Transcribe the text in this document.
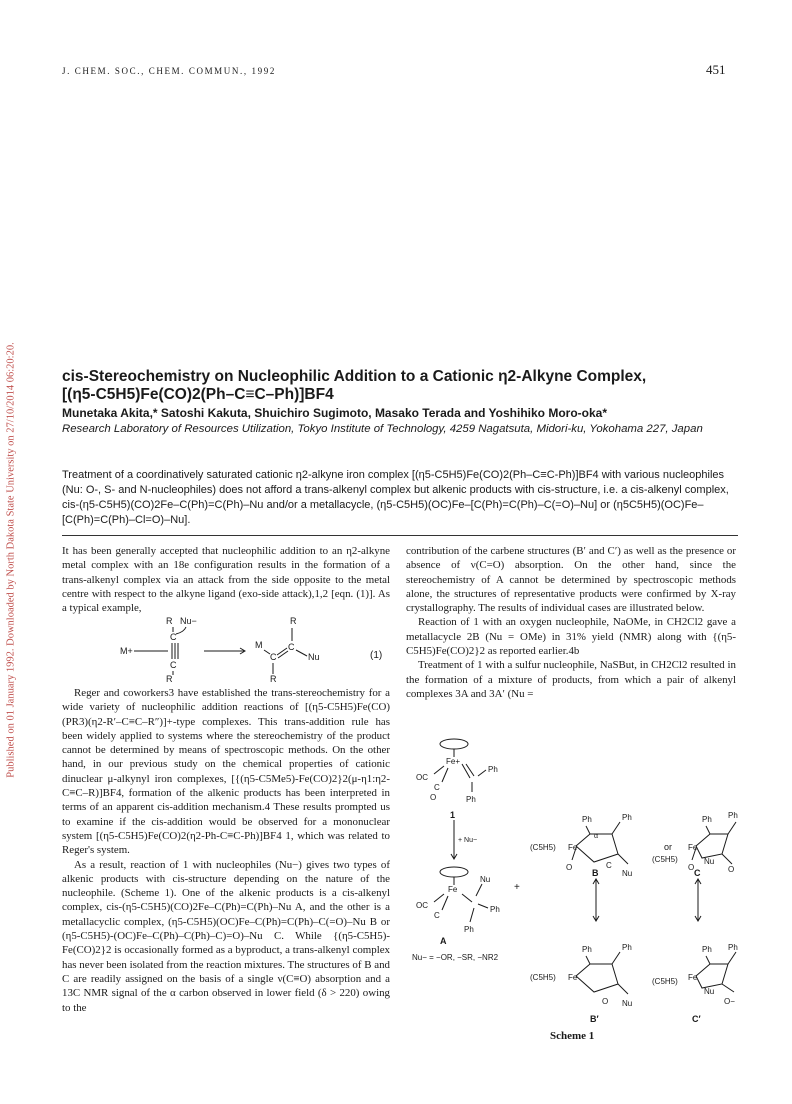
Published on 01 January 1992. Downloaded by North Dakota State University on 27/10/2014 06:20:20.
J. CHEM. SOC., CHEM. COMMUN., 1992	451
cis-Stereochemistry on Nucleophilic Addition to a Cationic η2-Alkyne Complex,
[(η5-C5H5)Fe(CO)2(Ph–C≡C–Ph)]BF4
Munetaka Akita,* Satoshi Kakuta, Shuichiro Sugimoto, Masako Terada and Yoshihiko Moro-oka*
Research Laboratory of Resources Utilization, Tokyo Institute of Technology, 4259 Nagatsuta, Midori-ku, Yokohama 227, Japan
Treatment of a coordinatively saturated cationic η2-alkyne iron complex [(η5-C5H5)Fe(CO)2(Ph–C≡C-Ph)]BF4 with various nucleophiles (Nu: O-, S- and N-nucleophiles) does not afford a trans-alkenyl complex but alkenic products with cis-structure, i.e. a cis-alkenyl complex, cis-(η5-C5H5)(CO)2Fe–C(Ph)=C(Ph)–Nu and/or a metallacycle, (η5-C5H5)(OC)Fe–[C(Ph)=C(Ph)–C(=O)–Nu] or (η5C5H5)(OC)Fe–[C(Ph)=C(Ph)–Cl=O)–Nu].

It has been generally accepted that nucleophilic addition to an η2-alkyne metal complex with an 18e configuration results in the formation of a trans-alkenyl complex via an attack from the side opposite to the metal centre with respect to the alkyne ligand (exo-side attack),1,2 [eqn. (1)]. As a typical example,

R Nu−
C
M+
C
R
M
C
C
R
Nu
R
(1)

Reger and coworkers3 have established the trans-stereochemistry for a wide variety of nucleophilic addition reactions of [(η5-C5H5)Fe(CO)(PR3)(η2-R′–C≡C–R″)]+-type complexes. This trans-addition rule has been widely applied to systems where the stereochemistry of the product cannot be determined by means of spectroscopic methods. On the other hand, in our previous study on the chemical properties of cationic dinuclear μ-alkynyl iron complexes, [{(η5-C5Me5)-Fe(CO)2}2(μ-η1:η2-C≡C–R)]BF4, formation of the alkenic products has been interpreted in terms of an apparent cis-addition mechanism.4 These results prompted us to examine if the cis-addition would be observed for a mononuclear system [(η5-C5H5)Fe(CO)2(η2-Ph-C≡C-Ph)]BF4 1, which was related to Reger's system.

As a result, reaction of 1 with nucleophiles (Nu−) gives two types of alkenic products with cis-structure depending on the nature of the nucleophile. (Scheme 1). One of the alkenic products is a cis-alkenyl complex, cis-(η5-C5H5)(CO)2Fe–C(Ph)=C(Ph)–Nu A, and the other is a metallacyclic complex, (η5-C5H5)(OC)Fe–C(Ph)=C(Ph)–C(=O)–Nu B or (η5-C5H5)-(OC)Fe–C(Ph)–C(Ph)–C)=O)–Nu C. While {(η5-C5H5)-Fe(CO)2}2 is occasionally formed as a byproduct, a trans-alkenyl complex has never been isolated from the reaction mixtures. The structures of B and C are readily assigned on the basis of a single ν(C≡O) absorption and a 13C NMR signal of the α carbon observed in lower field (δ > 220) owing to the

contribution of the carbene structures (B′ and C′) as well as the presence or absence of ν(C=O) absorption. On the other hand, since the stereochemistry of A cannot be determined by spectroscopic methods alone, the structures of representative products were confirmed by X-ray crystallography. The results of individual cases are illustrated below.

Reaction of 1 with an oxygen nucleophile, NaOMe, in CH2Cl2 gave a metallacycle 2B (Nu = OMe) in 31% yield (NMR) along with {(η5-C5H5)Fe(CO)2}2 as reported earlier.4b

Treatment of 1 with a sulfur nucleophile, NaSBut, in CH2Cl2 resulted in the formation of a mixture of products, from which a pair of alkenyl complexes 3A and 3A′ (Nu =

Fe+
OC
C
O
Ph
Ph
1
+ Nu−
Fe
OC
C
Nu
Ph
Ph
A
Nu− = −OR, −SR, −NR2
+
Ph	Ph
(C5H5) Fe
α
O	C
Nu
B
or
Ph Ph
(C5H5)
Fe
O
Nu
O
C
Ph	Ph
(C5H5) Fe
O Nu
B′
Ph Ph
(C5H5) Fe
Nu
O−
C′
Scheme 1
